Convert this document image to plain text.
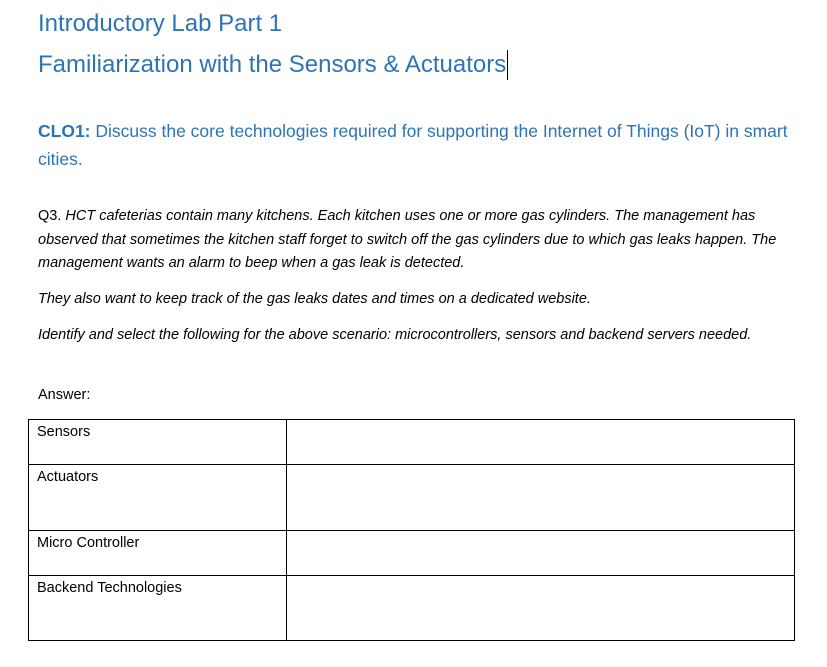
Introductory Lab Part 1
Familiarization with the Sensors & Actuators

CLO1: Discuss the core technologies required for supporting the Internet of Things (IoT) in smart cities.

Q3. HCT cafeterias contain many kitchens. Each kitchen uses one or more gas cylinders. The management has observed that sometimes the kitchen staff forget to switch off the gas cylinders due to which gas leaks happen. The management wants an alarm to beep when a gas leak is detected.

They also want to keep track of the gas leaks dates and times on a dedicated website.

Identify and select the following for the above scenario: microcontrollers, sensors and backend servers needed.

Answer:

Sensors	
Actuators	
Micro Controller	
Backend Technologies	
